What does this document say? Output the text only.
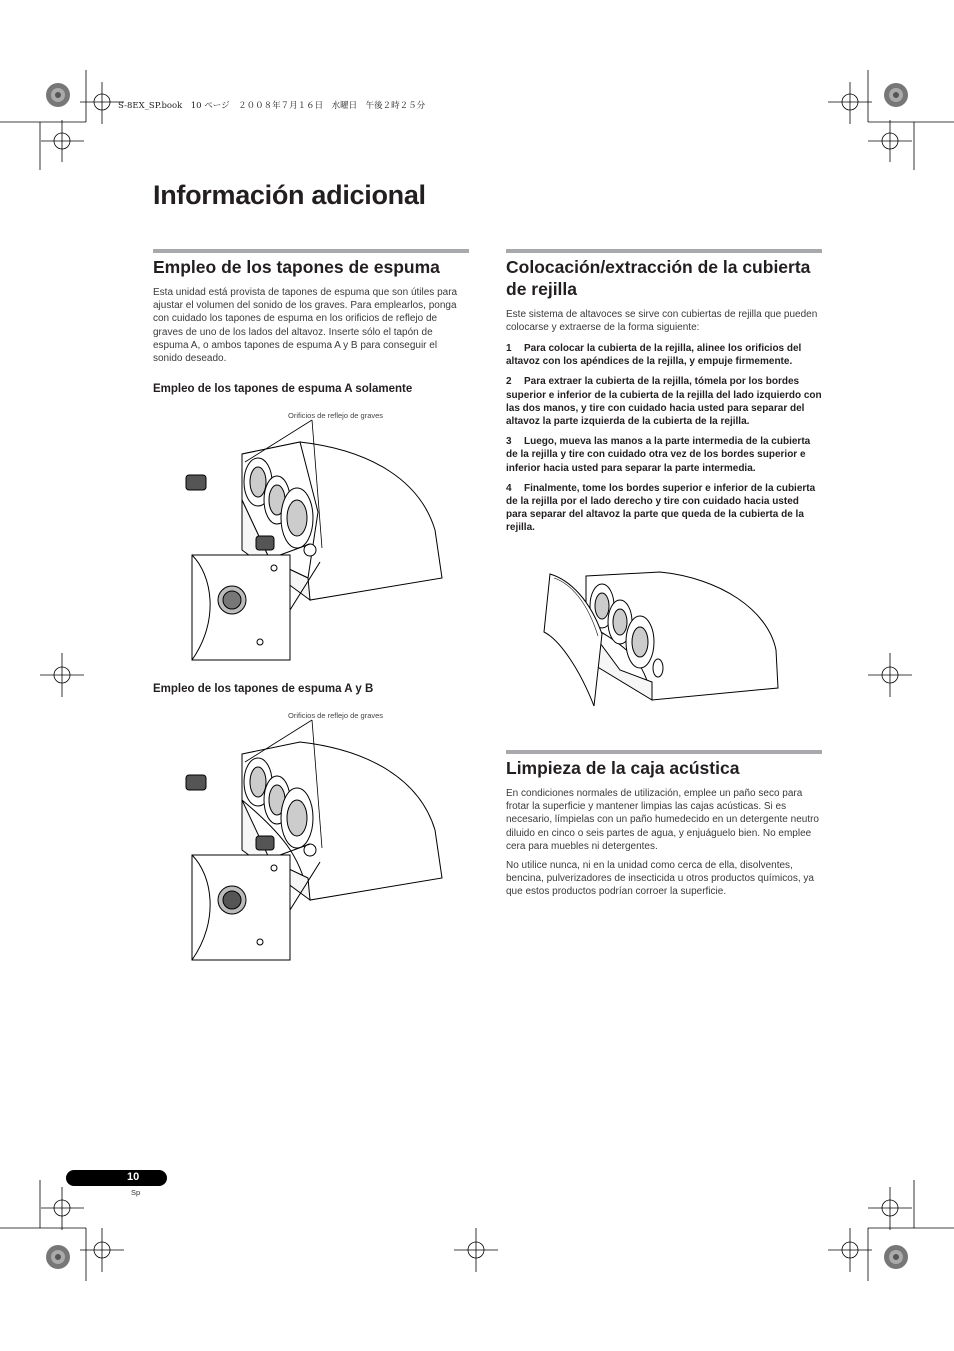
S-8EX_SP.book　10 ページ　２００８年７月１６日　水曜日　午後２時２５分
Información adicional
Empleo de los tapones de espuma

Esta unidad está provista de tapones de espuma que son útiles para ajustar el volumen del sonido de los graves. Para emplearlos, ponga con cuidado los tapones de espuma en los orificios de reflejo de graves de uno de los lados del altavoz. Inserte sólo el tapón de espuma A, o ambos tapones de espuma A y B para conseguir el sonido deseado.

Empleo de los tapones de espuma A solamente
Orificios de reflejo de graves
Empleo de los tapones de espuma A y B
Orificios de reflejo de graves
Colocación/extracción de la cubierta de rejilla

Este sistema de altavoces se sirve con cubiertas de rejilla que pueden colocarse y extraerse de la forma siguiente:

1 Para colocar la cubierta de la rejilla, alinee los orificios del altavoz con los apéndices de la rejilla, y empuje firmemente.
2 Para extraer la cubierta de la rejilla, tómela por los bordes superior e inferior de la cubierta de la rejilla del lado izquierdo con las dos manos, y tire con cuidado hacia usted para separar del altavoz la parte izquierda de la cubierta de la rejilla.
3 Luego, mueva las manos a la parte intermedia de la cubierta de la rejilla y tire con cuidado otra vez de los bordes superior e inferior hacia usted para separar la parte intermedia.
4 Finalmente, tome los bordes superior e inferior de la cubierta de la rejilla por el lado derecho y tire con cuidado hacia usted para separar del altavoz la parte que queda de la cubierta de la rejilla.
Limpieza de la caja acústica

En condiciones normales de utilización, emplee un paño seco para frotar la superficie y mantener limpias las cajas acústicas. Si es necesario, límpielas con un paño humedecido en un detergente neutro diluido en cinco o seis partes de agua, y enjuáguelo bien. No emplee cera para muebles ni detergentes.

No utilice nunca, ni en la unidad como cerca de ella, disolventes, bencina, pulverizadores de insecticida u otros productos químicos, ya que estos productos podrían corroer la superficie.

10
Sp
